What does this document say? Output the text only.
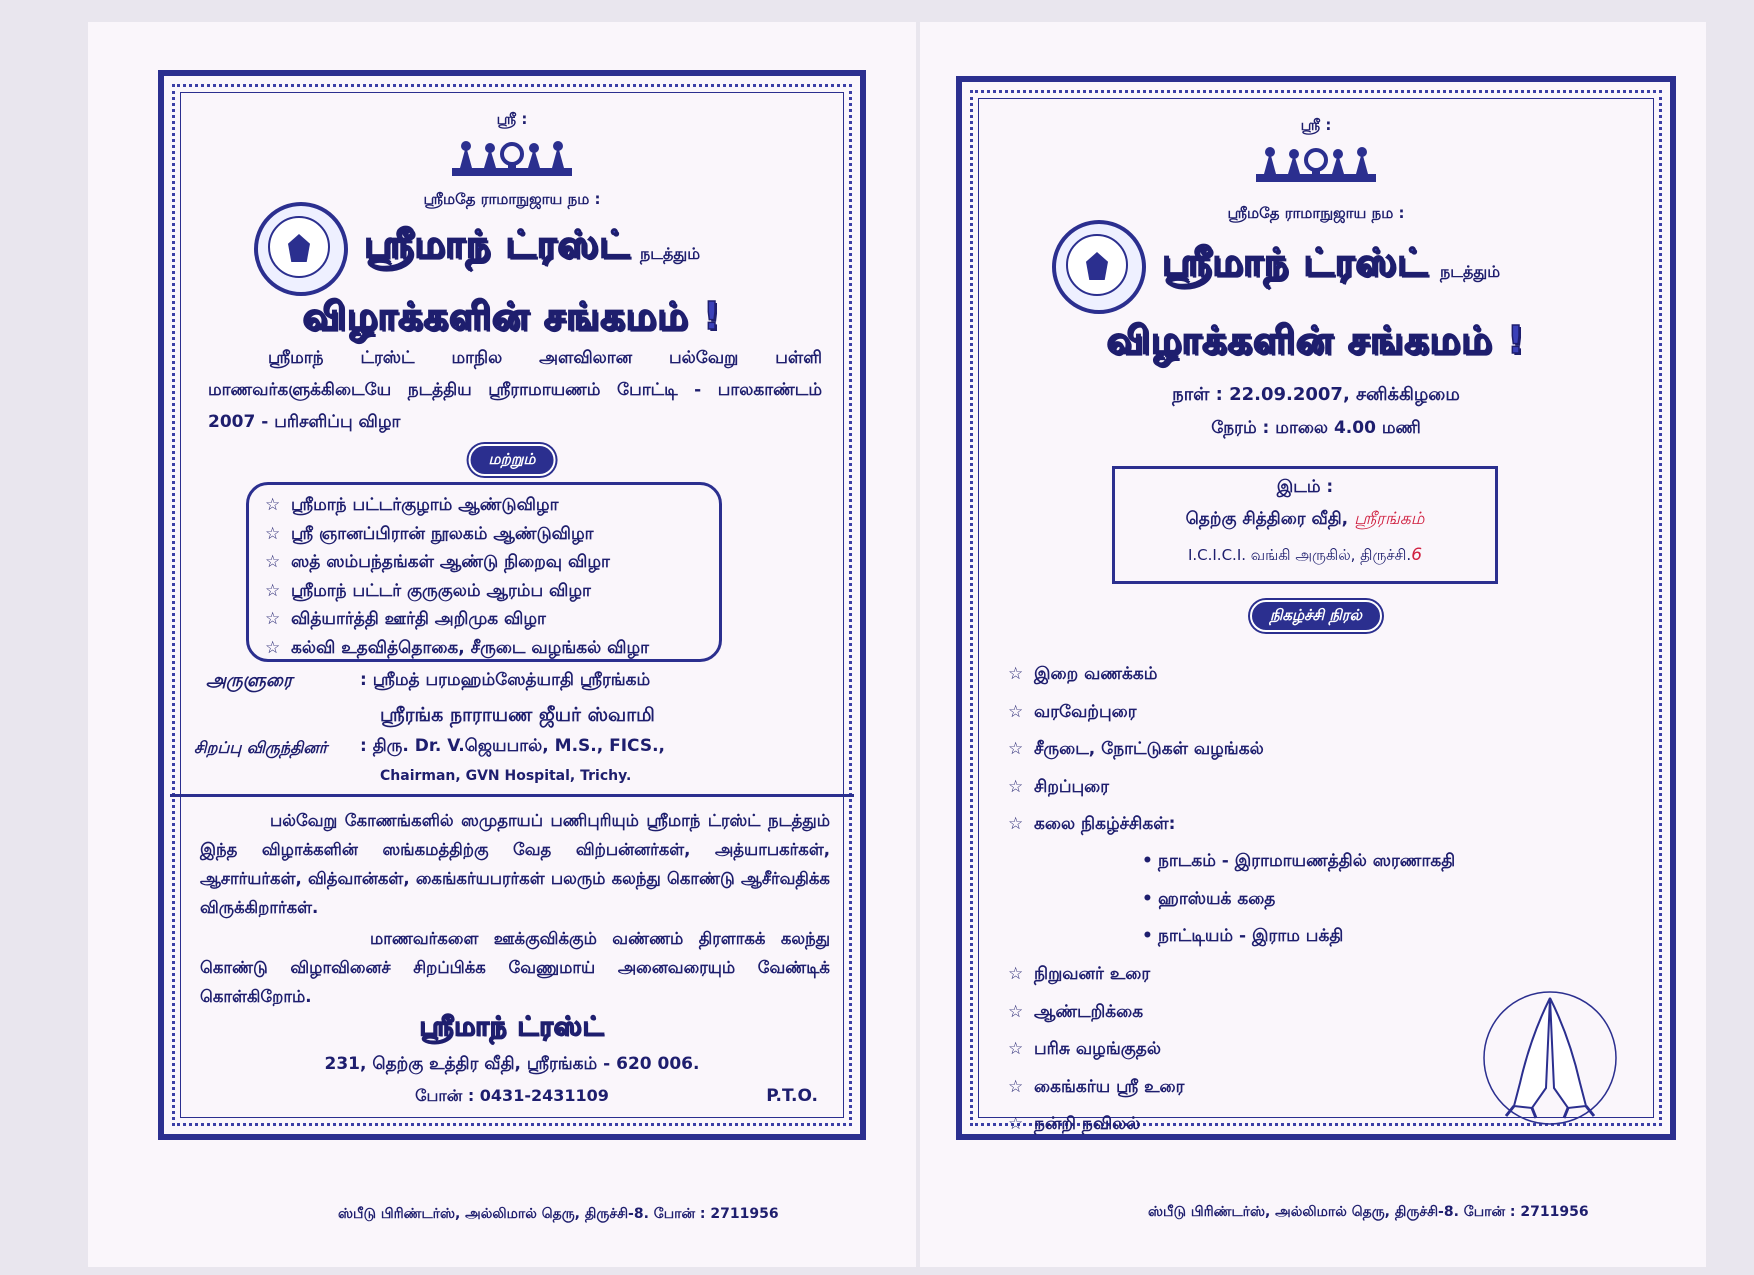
ஸ்ரீ :
ஸ்ரீமதே ராமாநுஜாய நம :
ஸ்ரீமாந் ட்ரஸ்ட் நடத்தும்
விழாக்களின் சங்கமம் !

ஸ்ரீமாந் ட்ரஸ்ட் மாநில அளவிலான பல்வேறு பள்ளி மாணவர்களுக்கிடையே நடத்திய ஸ்ரீராமாயணம் போட்டி - பாலகாண்டம் 2007 - பரிசளிப்பு விழா

மற்றும்
☆ ஸ்ரீமாந் பட்டர்குழாம் ஆண்டுவிழா
☆ ஸ்ரீ ஞானப்பிரான் நூலகம் ஆண்டுவிழா
☆ ஸத் ஸம்பந்தங்கள் ஆண்டு நிறைவு விழா
☆ ஸ்ரீமாந் பட்டர் குருகுலம் ஆரம்ப விழா
☆ வித்யார்த்தி ஊர்தி அறிமுக விழா
☆ கல்வி உதவித்தொகை, சீருடை வழங்கல் விழா
அருளுரை	: ஸ்ரீமத் பரமஹம்ஸேத்யாதி ஸ்ரீரங்கம்
ஸ்ரீரங்க நாராயண ஜீயர் ஸ்வாமி
சிறப்பு விருந்தினர் : திரு. Dr. V.ஜெயபால், M.S., FICS.,
Chairman, GVN Hospital, Trichy.

பல்வேறு கோணங்களில் ஸமுதாயப் பணிபுரியும் ஸ்ரீமாந் ட்ரஸ்ட் நடத்தும் இந்த விழாக்களின் ஸங்கமத்திற்கு வேத விற்பன்னர்கள், அத்யாபகர்கள், ஆசார்யர்கள், வித்வான்கள், கைங்கர்யபரர்கள் பலரும் கலந்து கொண்டு ஆசீர்வதிக்க விருக்கிறார்கள்.

மாணவர்களை ஊக்குவிக்கும் வண்ணம் திரளாகக் கலந்து கொண்டு விழாவினைச் சிறப்பிக்க வேணுமாய் அனைவரையும் வேண்டிக் கொள்கிறோம்.

ஸ்ரீமாந் ட்ரஸ்ட்
231, தெற்கு உத்திர வீதி, ஸ்ரீரங்கம் - 620 006.
போன் : 0431-2431109	P.T.O.
ஸ்பீடு பிரிண்டர்ஸ், அல்லிமால் தெரு, திருச்சி-8. போன் : 2711956
ஸ்ரீ :
ஸ்ரீமதே ராமாநுஜாய நம :
ஸ்ரீமாந் ட்ரஸ்ட் நடத்தும்
விழாக்களின் சங்கமம் !
நாள் : 22.09.2007, சனிக்கிழமை
நேரம் : மாலை 4.00 மணி
இடம் :
தெற்கு சித்திரை வீதி, ஸ்ரீரங்கம்
I.C.I.C.I. வங்கி அருகில், திருச்சி.6
நிகழ்ச்சி நிரல்
☆ இறை வணக்கம்
☆ வரவேற்புரை
☆ சீருடை, நோட்டுகள் வழங்கல்
☆ சிறப்புரை
☆ கலை நிகழ்ச்சிகள்:
• நாடகம் - இராமாயணத்தில் ஸரணாகதி
• ஹாஸ்யக் கதை
• நாட்டியம் - இராம பக்தி
☆ நிறுவனர் உரை
☆ ஆண்டறிக்கை
☆ பரிசு வழங்குதல்
☆ கைங்கர்ய ஸ்ரீ உரை
☆ நன்றி நவிலல்
ஸ்பீடு பிரிண்டர்ஸ், அல்லிமால் தெரு, திருச்சி-8. போன் : 2711956
